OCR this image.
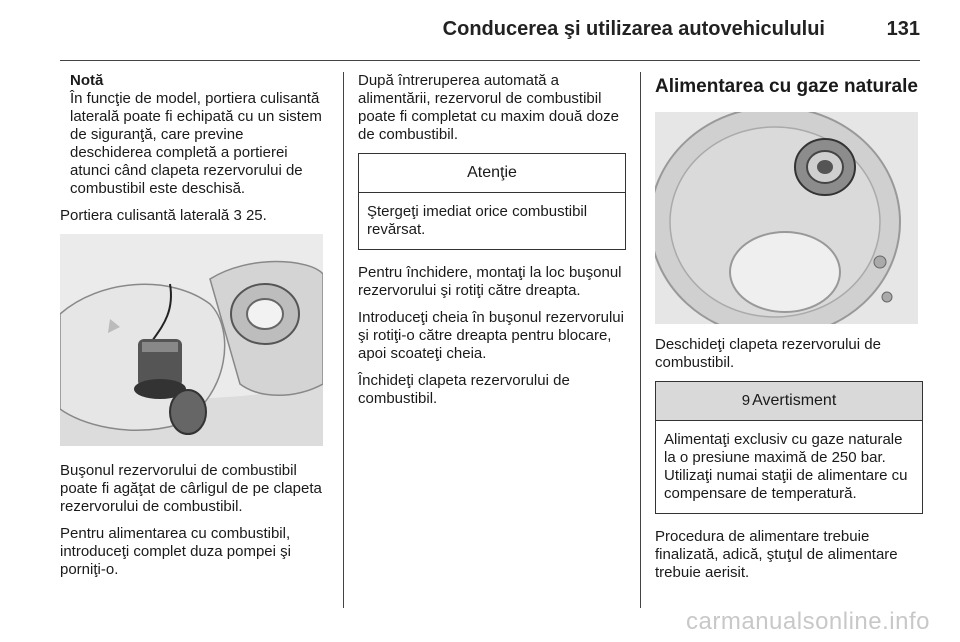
Conducerea şi utilizarea autovehiculului	131
Notă
În funcţie de model, portiera culisantă laterală poate fi echipată cu un sistem de siguranţă, care previne deschiderea completă a portierei atunci când clapeta rezervorului de combustibil este deschisă.

Portiera culisantă laterală 3 25.

Buşonul rezervorului de combustibil poate fi agăţat de cârligul de pe clapeta rezervorului de combustibil.

Pentru alimentarea cu combustibil, introduceţi complet duza pompei şi porniţi-o.

După întreruperea automată a alimentării, rezervorul de combustibil poate fi completat cu maxim două doze de combustibil.

Atenţie
Ştergeţi imediat orice combustibil revărsat.

Pentru închidere, montaţi la loc buşonul rezervorului şi rotiţi către dreapta.

Introduceţi cheia în buşonul rezervorului şi rotiţi-o către dreapta pentru blocare, apoi scoateţi cheia.

Închideţi clapeta rezervorului de combustibil.

Alimentarea cu gaze naturale

Deschideţi clapeta rezervorului de combustibil.

9 Avertisment
Alimentaţi exclusiv cu gaze naturale la o presiune maximă de 250 bar. Utilizaţi numai staţii de alimentare cu compensare de temperatură.

Procedura de alimentare trebuie finalizată, adică, ştuţul de alimentare trebuie aerisit.

carmanualsonline.info
